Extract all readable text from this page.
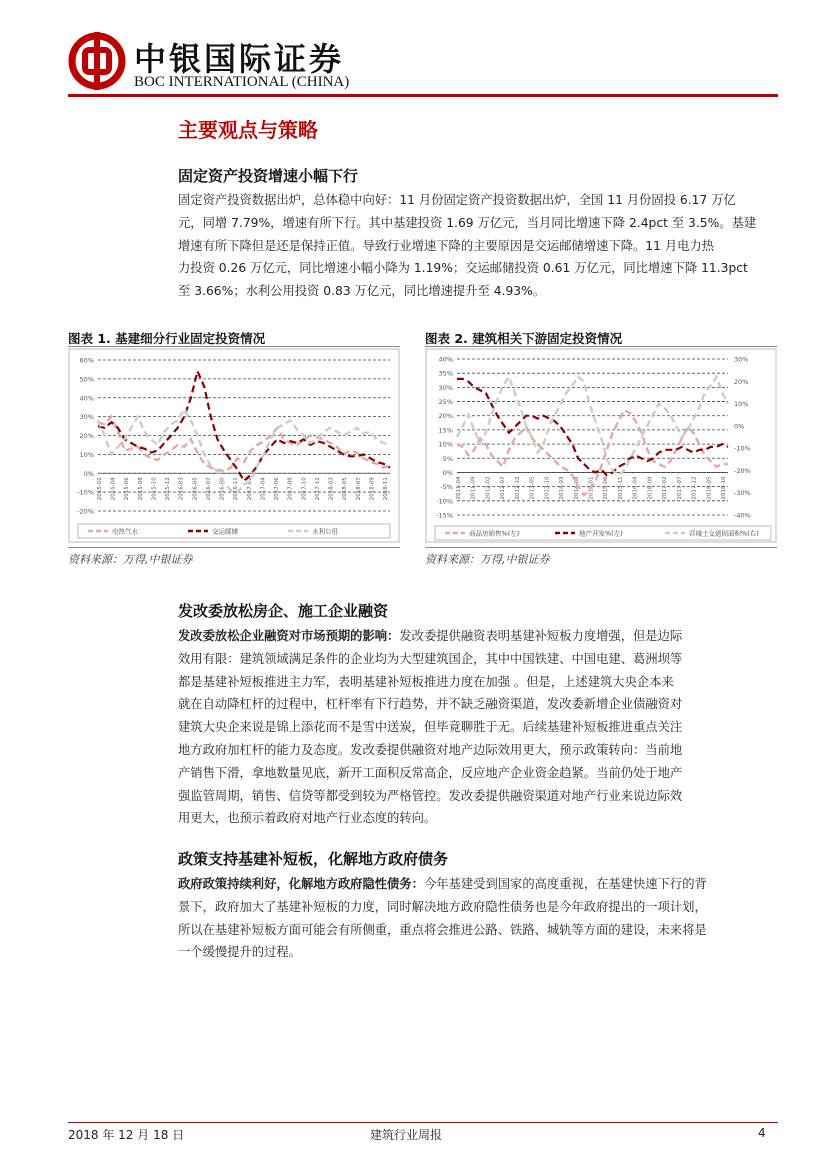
中银国际证券
BOC INTERNATIONAL (CHINA)
主要观点与策略
固定资产投资增速小幅下行
固定资产投资数据出炉，总体稳中向好：11 月份固定资产投资数据出炉，全国 11 月份固投 6.17 万亿
元，同增 7.79%，增速有所下行。其中基建投资 1.69 万亿元，当月同比增速下降 2.4pct 至 3.5%。基建
增速有所下降但是还是保持正值。导致行业增速下降的主要原因是交运邮储增速下降。11 月电力热
力投资 0.26 万亿元，同比增速小幅小降为 1.19%；交运邮储投资 0.61 万亿元，同比增速下降 11.3pct
至 3.66%；水利公用投资 0.83 万亿元，同比增速提升至 4.93%。
图表 1. 基建细分行业固定投资情况
60%
50%
40%
30%
20%
10%
0%
-10%
-20%
2015-02 2015-04 2015-06 2015-08 2015-10 2015-12 2016-03 2016-05 2016-07 2016-09 2016-11 2017-02 2017-04 2017-06 2017-08 2017-10 2017-12 2018-03 2018-05 2018-07 2018-09 2018-11
电热气水	交运邮储	水利公用
资料来源：万得,中银证券
图表 2. 建筑相关下游固定投资情况
40%
35%
30%
25%
20%
15%
10%
5%
0%
-5%
-10%
-15%
30%
20%
10%
0%
-10%
-20%
-30%
-40%
2011-04 2011-09 2012-02 2012-07 2012-12 2013-05 2013-10 2014-03 2014-08 2015-01 2015-06 2015-11 2016-04 2016-09 2017-02 2017-07 2017-12 2018-05 2018-10
商品房销售%(左)	地产开发%(左)	营城土交通固面积%(右)
资料来源：万得,中银证券
发改委放松房企、施工企业融资
发改委放松企业融资对市场预期的影响：发改委提供融资表明基建补短板力度增强，但是边际
效用有限：建筑领域满足条件的企业均为大型建筑国企，其中中国铁建、中国电建、葛洲坝等
都是基建补短板推进主力军，表明基建补短板推进力度在加强 。但是，上述建筑大央企本来
就在自动降杠杆的过程中，杠杆率有下行趋势，并不缺乏融资渠道，发改委新增企业债融资对
建筑大央企来说是锦上添花而不是雪中送炭，但毕竟聊胜于无。后续基建补短板推进重点关注
地方政府加杠杆的能力及态度。发改委提供融资对地产边际效用更大，预示政策转向：当前地
产销售下滑，拿地数量见底，新开工面积反常高企，反应地产企业资金趋紧。当前仍处于地产
强监管周期，销售、信贷等都受到较为严格管控。发改委提供融资渠道对地产行业来说边际效
用更大，也预示着政府对地产行业态度的转向。
政策支持基建补短板，化解地方政府债务
政府政策持续利好，化解地方政府隐性债务：今年基建受到国家的高度重视，在基建快速下行的背
景下，政府加大了基建补短板的力度，同时解决地方政府隐性债务也是今年政府提出的一项计划，
所以在基建补短板方面可能会有所侧重，重点将会推进公路、铁路、城轨等方面的建设，未来将是
一个缓慢提升的过程。
2018 年 12 月 18 日	建筑行业周报	4
